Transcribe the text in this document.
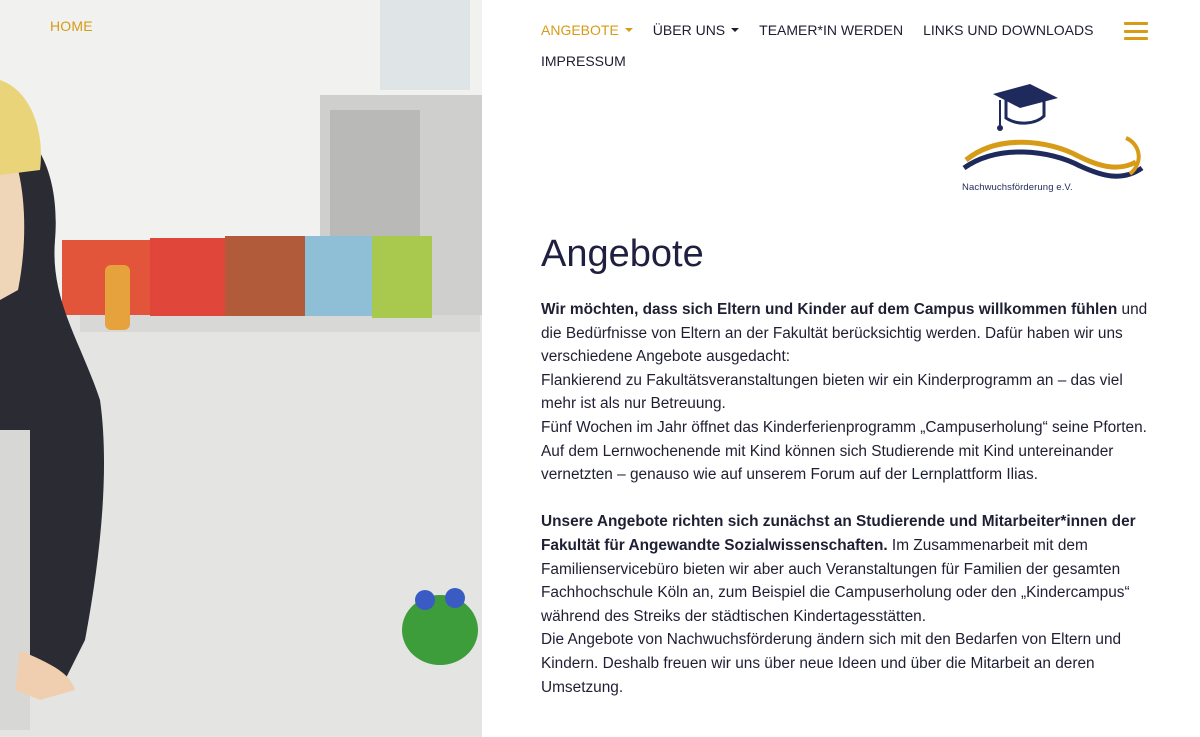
HOME	ANGEBOTE ÜBER UNS TEAMER*IN WERDEN LINKS UND DOWNLOADS
IMPRESSUM
Nachwuchsförderung e.V.
Angebote

Wir möchten, dass sich Eltern und Kinder auf dem Campus willkommen fühlen und die Bedürfnisse von Eltern an der Fakultät berücksichtig werden. Dafür haben wir uns verschiedene Angebote ausgedacht:

Flankierend zu Fakultätsveranstaltungen bieten wir ein Kinderprogramm an – das viel mehr ist als nur Betreuung.

Fünf Wochen im Jahr öffnet das Kinderferienprogramm „Campuserholung“ seine Pforten. Auf dem Lernwochenende mit Kind können sich Studierende mit Kind untereinander vernetzten – genauso wie auf unserem Forum auf der Lernplattform Ilias.

Unsere Angebote richten sich zunächst an Studierende und Mitarbeiter*innen der Fakultät für Angewandte Sozialwissenschaften. Im Zusammenarbeit mit dem Familienservicebüro bieten wir aber auch Veranstaltungen für Familien der gesamten Fachhochschule Köln an, zum Beispiel die Campuserholung oder den „Kindercampus“ während des Streiks der städtischen Kindertagesstätten.

Die Angebote von Nachwuchsförderung ändern sich mit den Bedarfen von Eltern und Kindern. Deshalb freuen wir uns über neue Ideen und über die Mitarbeit an deren Umsetzung.
